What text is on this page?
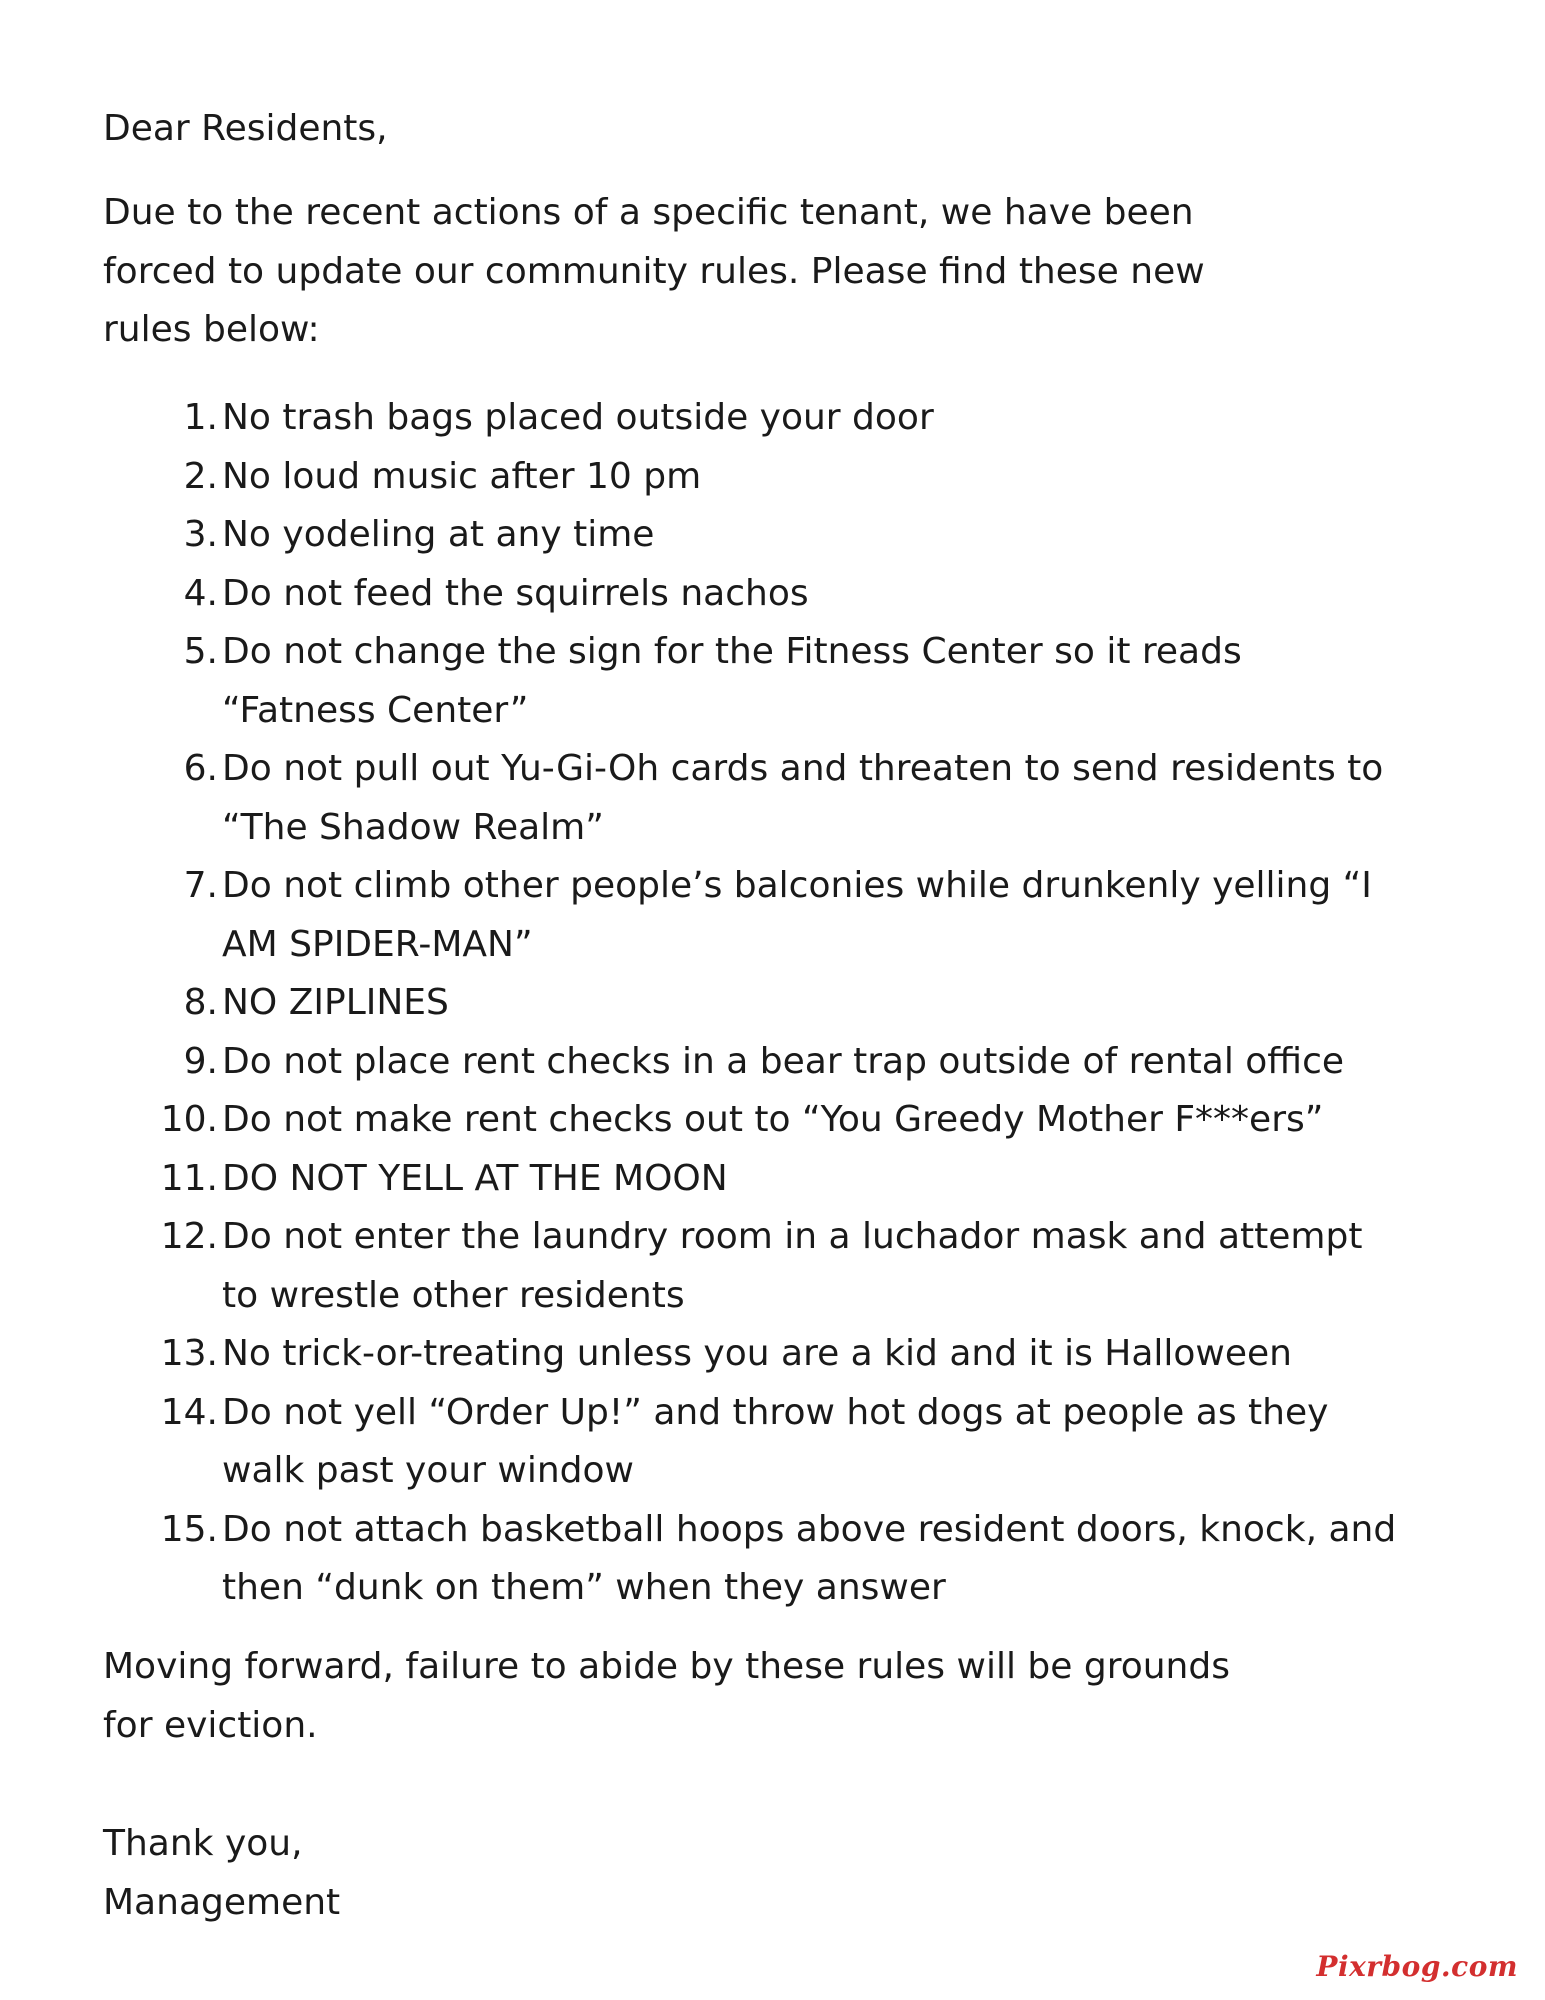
Dear Residents,

Due to the recent actions of a specific tenant, we have been
forced to update our community rules. Please find these new
rules below:

1. No trash bags placed outside your door
2. No loud music after 10 pm
3. No yodeling at any time
4. Do not feed the squirrels nachos
5. Do not change the sign for the Fitness Center so it reads
“Fatness Center”
6. Do not pull out Yu-Gi-Oh cards and threaten to send residents to
“The Shadow Realm”
7. Do not climb other people’s balconies while drunkenly yelling “I
AM SPIDER-MAN”
8. NO ZIPLINES
9. Do not place rent checks in a bear trap outside of rental office
10. Do not make rent checks out to “You Greedy Mother F***ers”
11. DO NOT YELL AT THE MOON
12. Do not enter the laundry room in a luchador mask and attempt
to wrestle other residents
13. No trick-or-treating unless you are a kid and it is Halloween
14. Do not yell “Order Up!” and throw hot dogs at people as they
walk past your window
15. Do not attach basketball hoops above resident doors, knock, and
then “dunk on them” when they answer

Moving forward, failure to abide by these rules will be grounds
for eviction.

Thank you,
Management

Pixrbog.com
